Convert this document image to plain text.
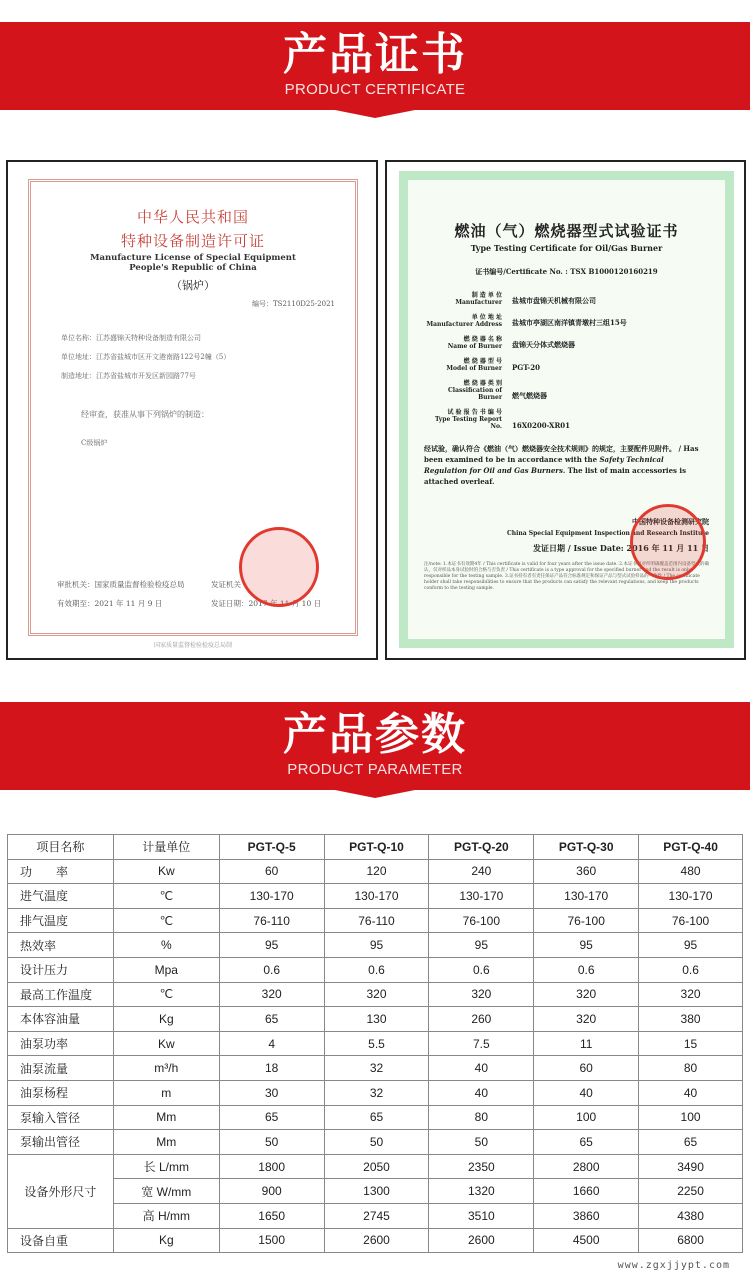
产品证书
PRODUCT CERTIFICATE
中华人民共和国
特种设备制造许可证
Manufacture License of Special Equipment
People's Republic of China
（锅炉）
编号：TS2110D25-2021
单位名称：江苏盛锦天特种设备制造有限公司
单位地址：江苏省盐城市区开文港南路122号2幢（5）
制造地址：江苏省盐城市开发区新园路77号
经审查，获准从事下列锅炉的制造：
C级锅炉
审批机关：国家质量监督检验检疫总局	发证机关
有效期至：2021 年 11 月 9 日	发证日期：2017 年 11 月 10 日
国家质量监督检验检疫总局制
燃油（气）燃烧器型式试验证书
Type Testing Certificate for Oil/Gas Burner
证书编号/Certificate No. : TSX B1000120160219
制 造 单 位
Manufacturer	盐城市盘锦天机械有限公司

单 位 地 址
Manufacturer Address	盐城市亭湖区南洋镇青墩村三组15号

燃 烧 器 名 称
Name of Burner	盘锦天分体式燃烧器

燃 烧 器 型 号
Model of Burner	PGT-20

燃 烧 器 类 别
Classification of Burner	燃气燃烧器

试 验 报 告 书 编 号
Type Testing Report No.	16X0200-XR01
经试验，确认符合《燃油（气）燃烧器安全技术规则》的规定，主要配件见附件。 / Has been examined to be in accordance with the Safety Technical Regulation for Oil and Gas Burners. The list of main accessories is attached overleaf.
中国特种设备检测研究院
China Special Equipment Inspection and Research Institute
发证日期 / Issue Date: 2016 年 11 月 11 日
注/note: 1.本证书有效期4年 / This certificate is valid for four years after the issue date. 2.本证书是对所明确覆盖范围内设备型式的确认，仅对样品本身试验时的合格与否负责 / This certificate is a type approval for the specified burner and the result is only responsible for the testing sample. 3.证书持有者有责任保证产品符合标准规定和保证产品与型式试验样品的一致性 / The certificate holder shall take responsibilities to ensure that the products can satisfy the relevant regulations, and keep the products conform to the testing sample.
产品参数
PRODUCT PARAMETER
项目名称	计量单位	PGT-Q-5	PGT-Q-10	PGT-Q-20	PGT-Q-30	PGT-Q-40
功　　率	Kw	60	120	240	360	480
进气温度	℃	130-170	130-170	130-170	130-170	130-170
排气温度	℃	76-110	76-110	76-100	76-100	76-100
热效率	%	95	95	95	95	95
设计压力	Mpa	0.6	0.6	0.6	0.6	0.6
最高工作温度	℃	320	320	320	320	320
本体容油量	Kg	65	130	260	320	380
油泵功率	Kw	4	5.5	7.5	11	15
油泵流量	m³/h	18	32	40	60	80
油泵杨程	m	30	32	40	40	40
泵输入管径	Mm	65	65	80	100	100
泵输出管径	Mm	50	50	50	65	65
设备外形尺寸	长 L/mm	1800	2050	2350	2800	3490
	宽 W/mm	900	1300	1320	1660	2250
	高 H/mm	1650	2745	3510	3860	4380
设备自重	Kg	1500	2600	2600	4500	6800
www.zgxjjypt.com
